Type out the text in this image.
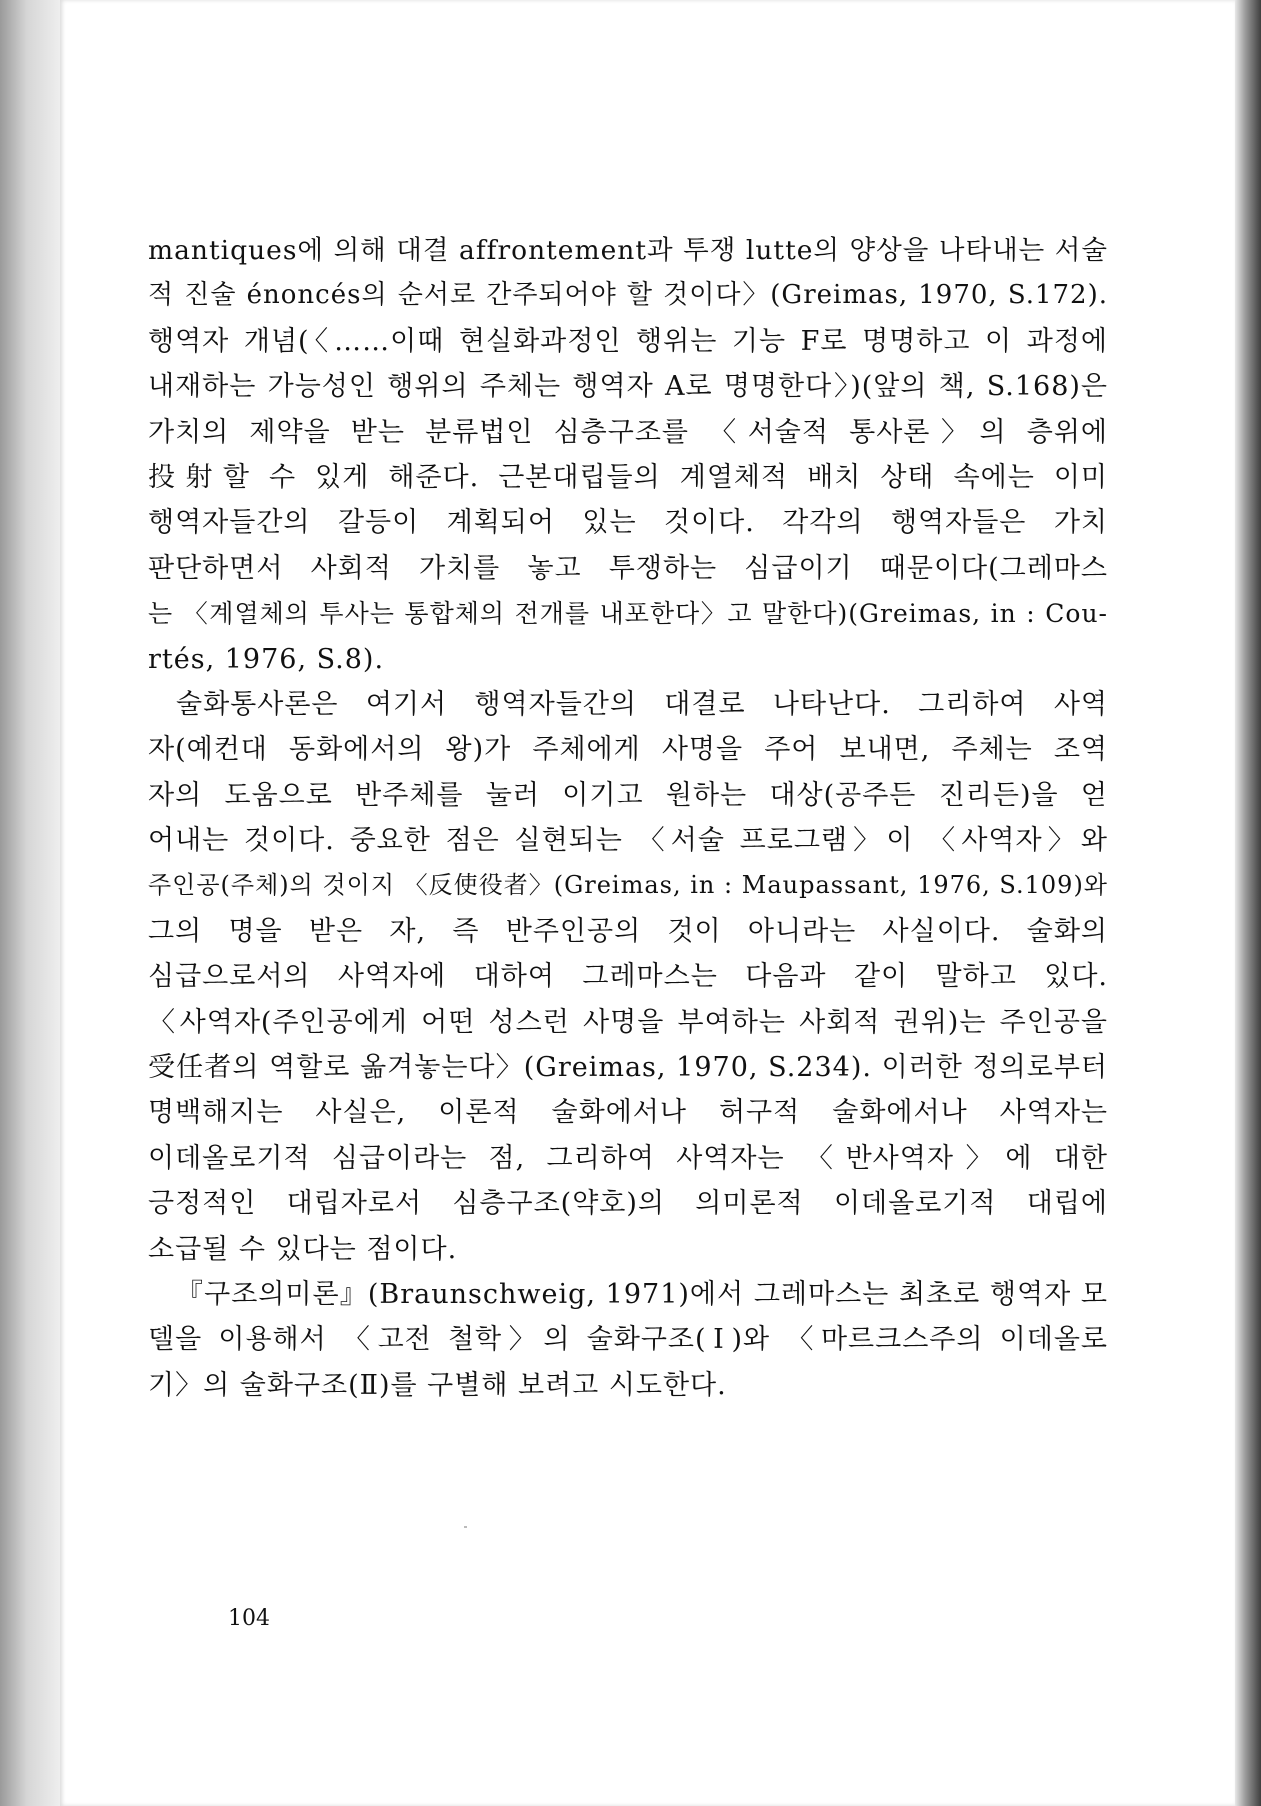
mantiques에 의해 대결 affrontement과 투쟁 lutte의 양상을 나타내는 서술
적 진술 énoncés의 순서로 간주되어야 할 것이다〉(Greimas, 1970, S.172).
행역자 개념(〈……이때 현실화과정인 행위는 기능 F로 명명하고 이 과정에
내재하는 가능성인 행위의 주체는 행역자 A로 명명한다〉)(앞의 책, S.168)은
가치의 제약을 받는 분류법인 심층구조를 〈서술적 통사론〉의 층위에
投射할 수 있게 해준다. 근본대립들의 계열체적 배치 상태 속에는 이미
행역자들간의 갈등이 계획되어 있는 것이다. 각각의 행역자들은 가치
판단하면서 사회적 가치를 놓고 투쟁하는 심급이기 때문이다(그레마스
는 〈계열체의 투사는 통합체의 전개를 내포한다〉고 말한다)(Greimas, in : Cou-
rtés, 1976, S.8).
술화통사론은 여기서 행역자들간의 대결로 나타난다. 그리하여 사역
자(예컨대 동화에서의 왕)가 주체에게 사명을 주어 보내면, 주체는 조역
자의 도움으로 반주체를 눌러 이기고 원하는 대상(공주든 진리든)을 얻
어내는 것이다. 중요한 점은 실현되는 〈서술 프로그램〉이 〈사역자〉와
주인공(주체)의 것이지 〈反使役者〉(Greimas, in : Maupassant, 1976, S.109)와
그의 명을 받은 자, 즉 반주인공의 것이 아니라는 사실이다. 술화의
심급으로서의 사역자에 대하여 그레마스는 다음과 같이 말하고 있다.
〈사역자(주인공에게 어떤 성스런 사명을 부여하는 사회적 권위)는 주인공을
受任者의 역할로 옮겨놓는다〉(Greimas, 1970, S.234). 이러한 정의로부터
명백해지는 사실은, 이론적 술화에서나 허구적 술화에서나 사역자는
이데올로기적 심급이라는 점, 그리하여 사역자는 〈반사역자〉에 대한
긍정적인 대립자로서 심층구조(약호)의 의미론적 이데올로기적 대립에
소급될 수 있다는 점이다.
『구조의미론』(Braunschweig, 1971)에서 그레마스는 최초로 행역자 모
델을 이용해서 〈고전 철학〉의 술화구조(Ⅰ)와 〈마르크스주의 이데올로
기〉의 술화구조(Ⅱ)를 구별해 보려고 시도한다.
104
